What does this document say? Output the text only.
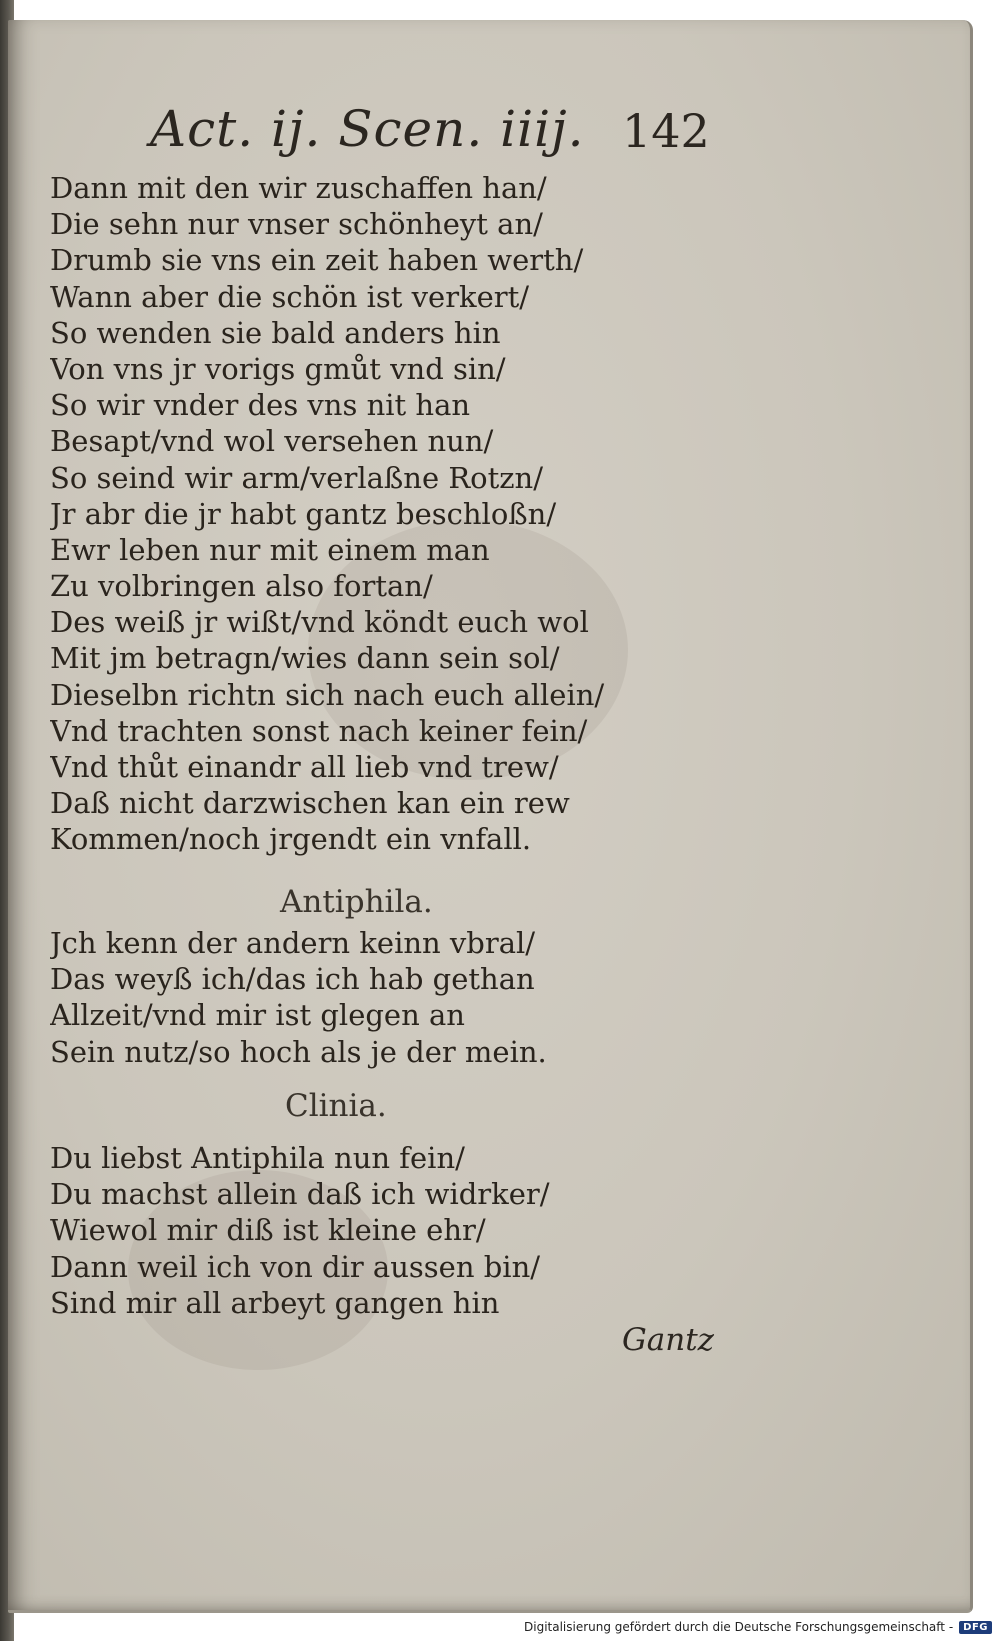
Act. ij. Scen. iiij. 142
Dann mit den wir zuschaffen han/
Die sehn nur vnser schönheyt an/
Drumb sie vns ein zeit haben werth/
Wann aber die schön ist verkert/
So wenden sie bald anders hin
Von vns jr vorigs gmůt vnd sin/
So wir vnder des vns nit han
Besapt/vnd wol versehen nun/
So seind wir arm/verlaßne Rotzn/
Jr abr die jr habt gantz beschloßn/
Ewr leben nur mit einem man
Zu volbringen also fortan/
Des weiß jr wißt/vnd köndt euch wol
Mit jm betragn/wies dann sein sol/
Dieselbn richtn sich nach euch allein/
Vnd trachten sonst nach keiner fein/
Vnd thůt einandr all lieb vnd trew/
Daß nicht darzwischen kan ein rew
Kommen/noch jrgendt ein vnfall.
Antiphila.
Jch kenn der andern keinn vbral/
Das weyß ich/das ich hab gethan
Allzeit/vnd mir ist glegen an
Sein nutz/so hoch als je der mein.
Clinia.
Du liebst Antiphila nun fein/
Du machst allein daß ich widrker/
Wiewol mir diß ist kleine ehr/
Dann weil ich von dir aussen bin/
Sind mir all arbeyt gangen hin
Gantz
Digitalisierung gefördert durch die Deutsche Forschungsgemeinschaft -	DFG
